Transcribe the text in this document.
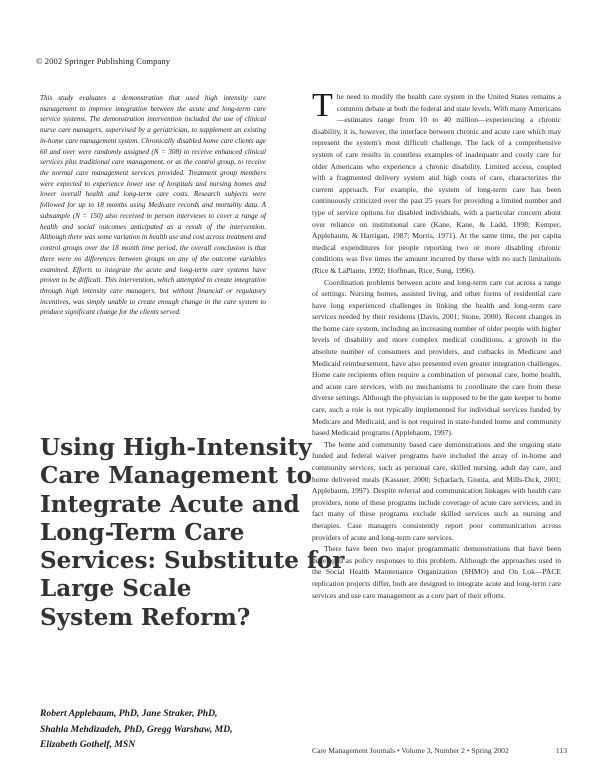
© 2002 Springer Publishing Company

This study evaluates a demonstration that used high intensity care management to improve integration between the acute and long-term care service systems. The demonstration intervention included the use of clinical nurse care managers, supervised by a geriatrician, to supplement an existing in-home care management system. Chronically disabled home care clients age 60 and over were randomly assigned (N = 308) to receive enhanced clinical services plus traditional care management, or as the control group, to receive the normal care management services provided. Treatment group members were expected to experience lower use of hospitals and nursing homes and lower overall health and long-term care costs. Research subjects were followed for up to 18 months using Medicare records and mortality data. A subsample (N = 150) also received in person interviews to cover a range of health and social outcomes anticipated as a result of the intervention. Although there was some variation in health use and cost across treatment and control groups over the 18 month time period, the overall conclusion is that there were no differences between groups on any of the outcome variables examined. Efforts to integrate the acute and long-term care systems have proven to be difficult. This intervention, which attempted to create integration through high intensity care managers, but without financial or regulatory incentives, was simply unable to create enough change in the care system to produce significant change for the clients served.

Using High-Intensity
Care Management to
Integrate Acute and
Long-Term Care
Services: Substitute for
Large Scale
System Reform?

Robert Applebaum, PhD, Jane Straker, PhD,
Shahla Mehdizadeh, PhD, Gregg Warshaw, MD,
Elizabeth Gothelf, MSN

The need to modify the health care system in the United States remains a common debate at both the federal and state levels. With many Americans—estimates range from 10 to 40 million—experiencing a chronic disability, it is, however, the interface between chronic and acute care which may represent the system's most difficult challenge. The lack of a comprehensive system of care results in countless examples of inadequate and costly care for older Americans who experience a chronic disability. Limited access, coupled with a fragmented delivery system and high costs of care, characterizes the current approach. For example, the system of long-term care has been continuously criticized over the past 25 years for providing a limited number and type of service options for disabled individuals, with a particular concern about over reliance on institutional care (Kane, Kane, & Ladd, 1998; Kemper, Applebaum, & Harrigan, 1987; Morris, 1971). At the same time, the per capita medical expenditures for people reporting two or more disabling chronic conditions was five times the amount incurred by those with no such limitations (Rice & LaPlante, 1992; Hoffman, Rice, Sung, 1996).

Coordination problems between acute and long-term care cut across a range of settings. Nursing homes, assisted living, and other forms of residential care have long experienced challenges in linking the health and long-term care services needed by their residents (Davis, 2001; Stone, 2000). Recent changes in the home care system, including an increasing number of older people with higher levels of disability and more complex medical conditions, a growth in the absolute number of consumers and providers, and cutbacks in Medicare and Medicaid reimbursement, have also presented even greater integration challenges. Home care recipients often require a combination of personal care, home health, and acute care services, with no mechanisms to coordinate the care from these diverse settings. Although the physician is supposed to be the gate keeper to home care, such a role is not typically implemented for individual services funded by Medicare and Medicaid, and is not required in state-funded home and community based Medicaid programs (Applebaum, 1997).

The home and community based care demonstrations and the ongoing state funded and federal waiver programs have included the array of in-home and community services, such as personal care, skilled nursing, adult day care, and home delivered meals (Kassner, 2000; Scharlach, Giunta, and Mills-Dick, 2001; Applebaum, 1997). Despite referral and communication linkages with health care providers, none of these programs include coverage of acute care services, and in fact many of these programs exclude skilled services such as nursing and therapies. Case managers consistently report poor communication across providers of acute and long-term care services.

There have been two major programmatic demonstrations that have been developed as policy responses to this problem. Although the approaches used in the Social Health Maintenance Organization (SHMO) and On Lok—PACE replication projects differ, both are designed to integrate acute and long-term care services and use care management as a core part of their efforts.

Care Management Journals • Volume 3, Number 2 • Spring 2002	113
